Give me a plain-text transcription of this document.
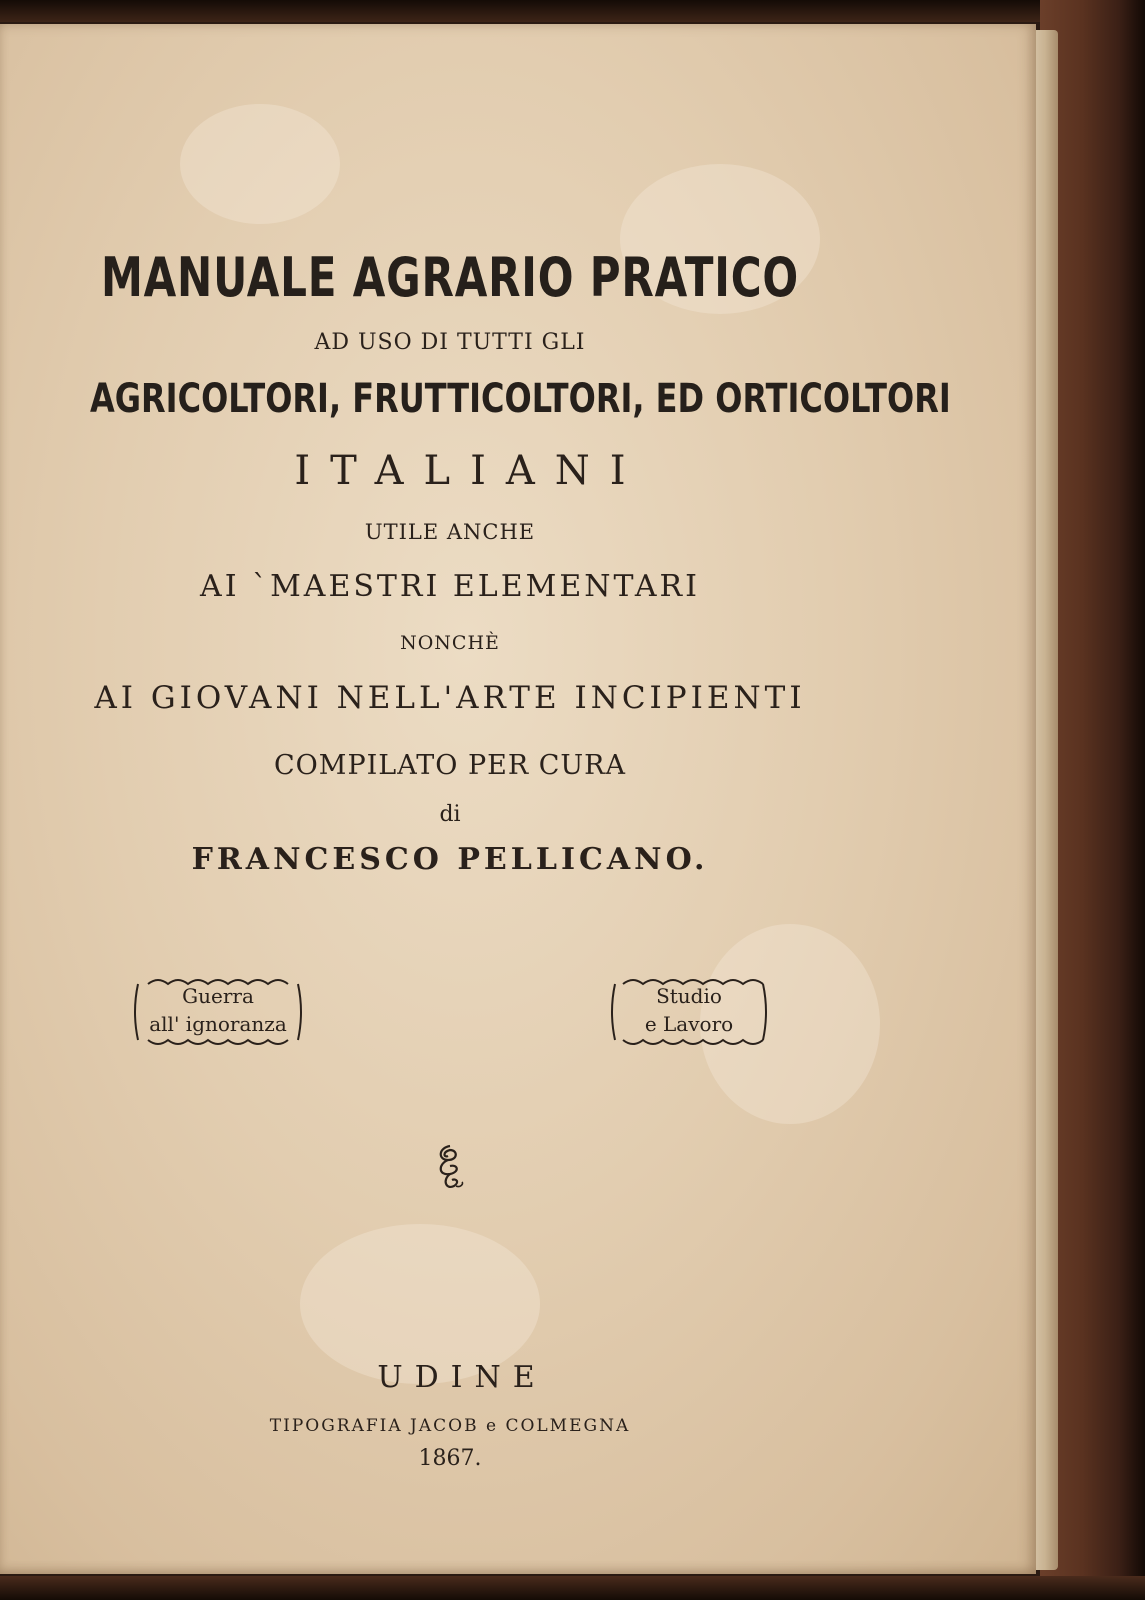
MANUALE AGRARIO PRATICO
AD USO DI TUTTI GLI
AGRICOLTORI, FRUTTICOLTORI, ED ORTICOLTORI
ITALIANI
UTILE ANCHE
AI `MAESTRI ELEMENTARI
NONCHÈ
AI GIOVANI NELL'ARTE INCIPIENTI
COMPILATO PER CURA
di
FRANCESCO PELLICANO.
Guerra
all' ignoranza
Studio
e Lavoro
UDINE
TIPOGRAFIA JACOB e COLMEGNA
1867.
